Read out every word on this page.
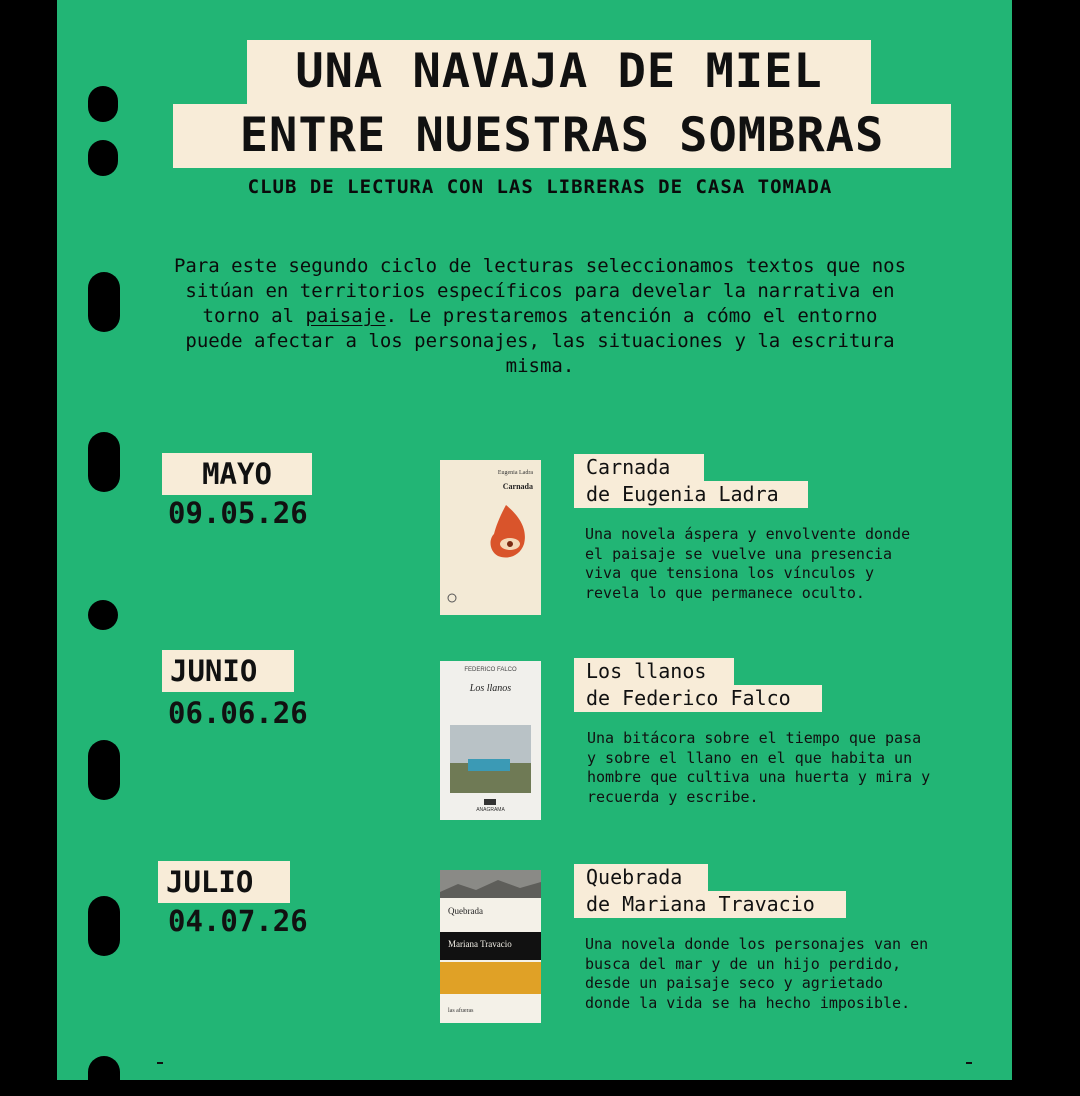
UNA NAVAJA DE MIEL
ENTRE NUESTRAS SOMBRAS
CLUB DE LECTURA CON LAS LIBRERAS DE CASA TOMADA
Para este segundo ciclo de lecturas seleccionamos textos que nos sitúan en territorios específicos para develar la narrativa en torno al paisaje. Le prestaremos atención a cómo el entorno puede afectar a los personajes, las situaciones y la escritura misma.
MAYO
09.05.26
Eugenia Ladra
Carnada
Carnada
de Eugenia Ladra
Una novela áspera y envolvente donde el paisaje se vuelve una presencia viva que tensiona los vínculos y revela lo que permanece oculto.
JUNIO
06.06.26
FEDERICO FALCO
Los llanos
ANAGRAMA
Los llanos
de Federico Falco
Una bitácora sobre el tiempo que pasa y sobre el llano en el que habita un hombre que cultiva una huerta y mira y recuerda y escribe.
JULIO
04.07.26	Quebrada
Mariana Travacio
las afueras
Quebrada
de Mariana Travacio
Una novela donde los personajes van en busca del mar y de un hijo perdido, desde un paisaje seco y agrietado donde la vida se ha hecho imposible.
